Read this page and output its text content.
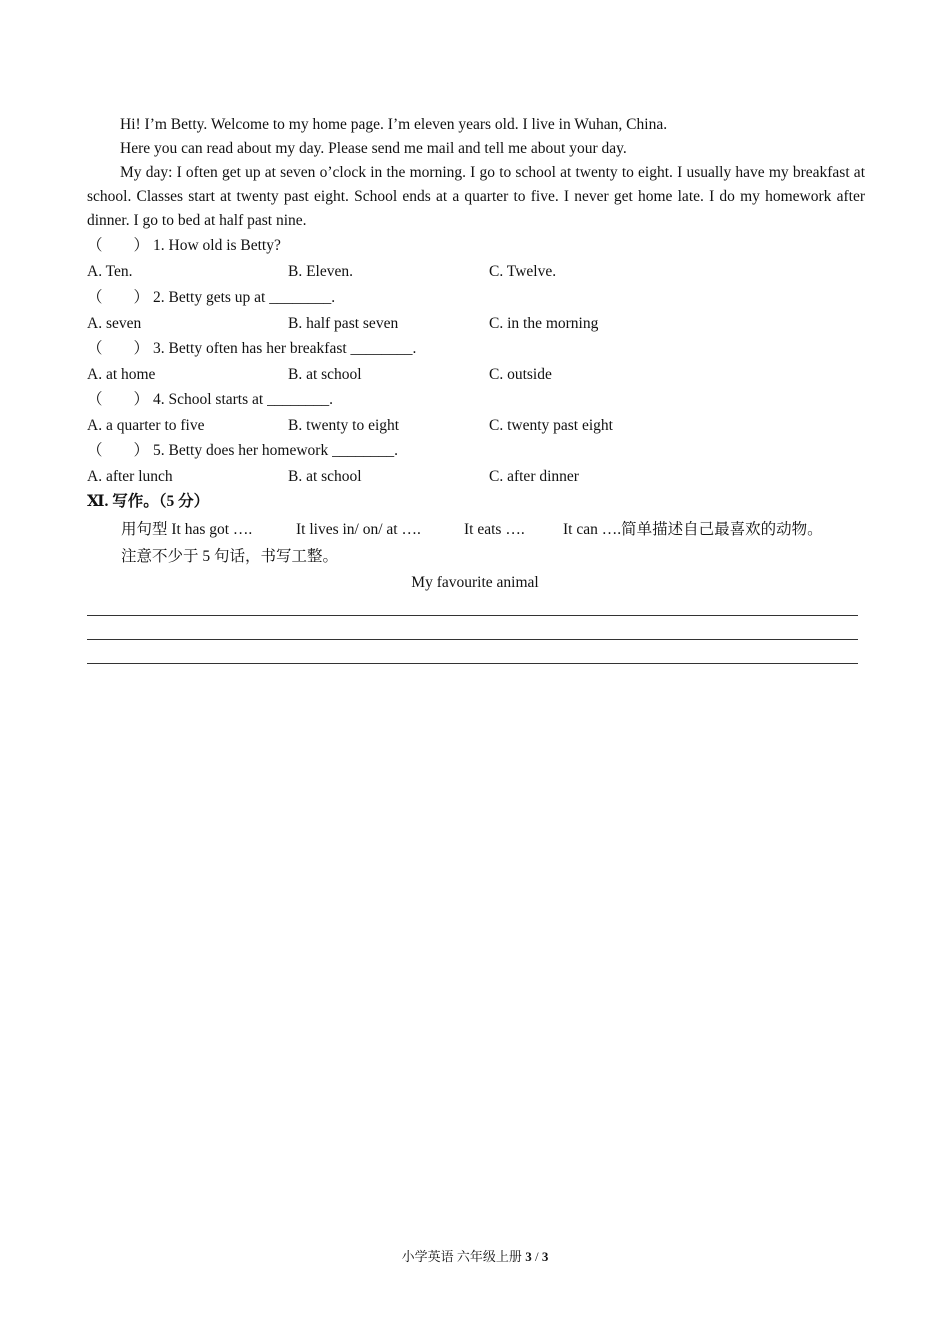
Hi! I’m Betty. Welcome to my home page. I’m eleven years old. I live in Wuhan, China.

Here you can read about my day. Please send me mail and tell me about your day.

My day: I often get up at seven o’clock in the morning. I go to school at twenty to eight. I usually have my breakfast at school. Classes start at twenty past eight. School ends at a quarter to five. I never get home late. I do my homework after dinner. I go to bed at half past nine.

（　　） 1. How old is Betty?
A. Ten.	B. Eleven.	C. Twelve.
（　　） 2. Betty gets up at ________.
A. seven	B. half past seven	C. in the morning
（　　） 3. Betty often has her breakfast ________.
A. at home	B. at school	C. outside
（　　） 4. School starts at ________.
A. a quarter to five	B. twenty to eight	C. twenty past eight
（　　） 5. Betty does her homework ________.
A. after lunch	B. at school	C. after dinner
Ⅺ. 写作。（5 分）
用句型 It has got ….	It lives in/ on/ at ….	It eats …. It can ….简单描述自己最喜欢的动物。
注意不少于 5 句话，书写工整。
My favourite animal
小学英语 六年级上册 3 / 3
